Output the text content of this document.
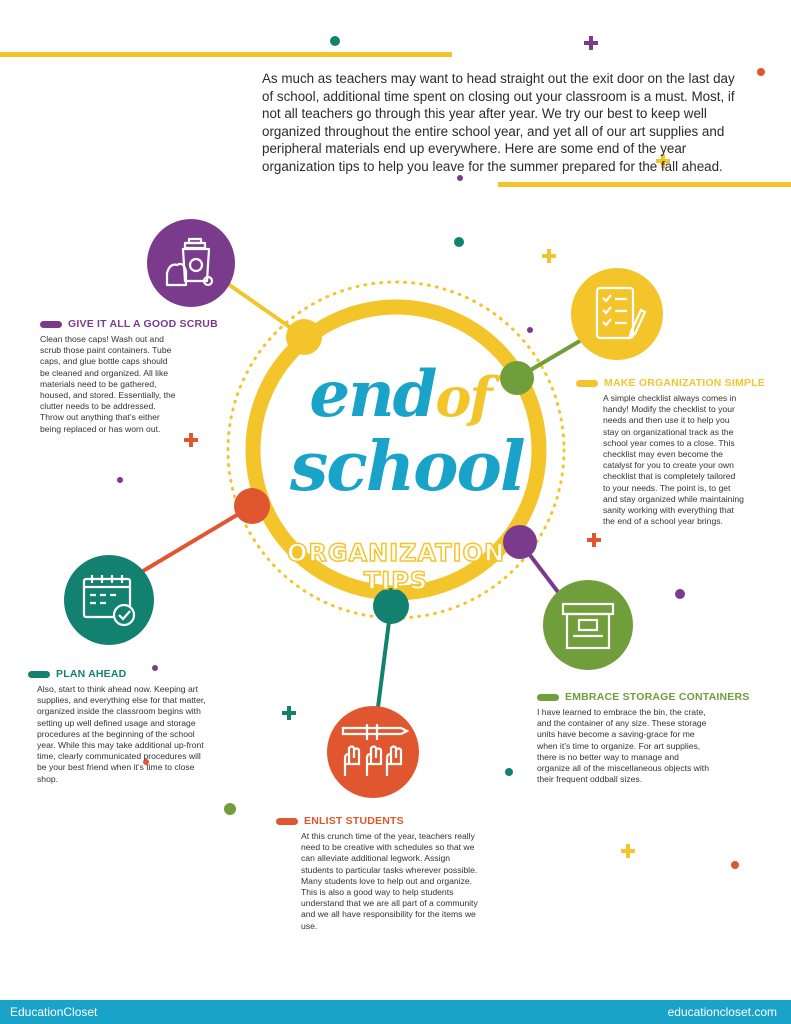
As much as teachers may want to head straight out the exit door on the last day of school, additional time spent on closing out your classroom is a must. Most, if not all teachers go through this year after year. We try our best to keep well organized throughout the entire school year, and yet all of our art supplies and peripheral materials end up everywhere. Here are some end of the year organization tips to help you leave for the summer prepared for the fall ahead.
endof
school
ORGANIZATION TIPS
GIVE IT ALL A GOOD SCRUB
Clean those caps! Wash out and
scrub those paint containers. Tube
caps, and glue bottle caps should
be cleaned and organized. All like
materials need to be gathered,
housed, and stored. Essentially, the
clutter needs to be addressed.
Throw out anything that’s either
being replaced or has worn out.
MAKE ORGANIZATION SIMPLE
A simple checklist always comes in
handy! Modify the checklist to your
needs and then use it to help you
stay on organizational track as the
school year comes to a close. This
checklist may even become the
catalyst for you to create your own
checklist that is completely tailored
to your needs. The point is, to get
and stay organized while maintaining
sanity working with everything that
the end of a school year brings.
PLAN AHEAD
Also, start to think ahead now. Keeping art
supplies, and everything else for that matter,
organized inside the classroom begins with
setting up well defined usage and storage
procedures at the beginning of the school
year. While this may take additional up-front
time, clearly communicated procedures will
be your best friend when it’s time to close
shop.
EMBRACE STORAGE CONTAINERS
I have learned to embrace the bin, the crate,
and the container of any size. These storage
units have become a saving-grace for me
when it’s time to organize. For art supplies,
there is no better way to manage and
organize all of the miscellaneous objects with
their frequent oddball sizes.
ENLIST STUDENTS
At this crunch time of the year, teachers really
need to be creative with schedules so that we
can alleviate additional legwork. Assign
students to particular tasks wherever possible.
Many students love to help out and organize.
This is also a good way to help students
understand that we are all part of a community
and we all have responsibility for the items we
use.
EducationCloset	educationcloset.com
